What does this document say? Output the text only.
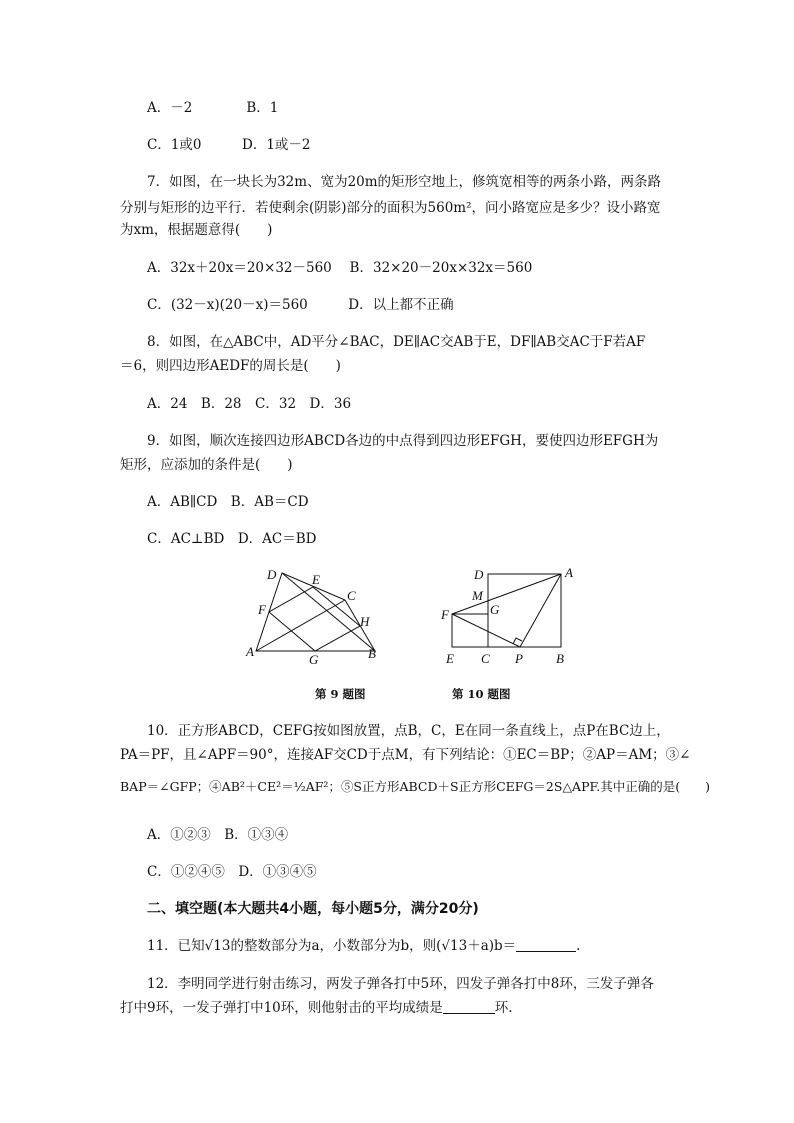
A．－2　　　　B．1
C．1或0　　　D．1或－2
7．如图，在一块长为32m、宽为20m的矩形空地上，修筑宽相等的两条小路，两条路
分别与矩形的边平行．若使剩余(阴影)部分的面积为560m²，问小路宽应是多少？设小路宽
为xm，根据题意得(　　)
A．32x＋20x＝20×32－560　 B．32×20－20x×32x＝560
C．(32－x)(20－x)＝560　　　D．以上都不正确
8．如图，在△ABC中，AD平分∠BAC，DE∥AC交AB于E，DF∥AB交AC于F若AF
＝6，则四边形AEDF的周长是(　　)
A．24　B．28　C．32　D．36
9．如图，顺次连接四边形ABCD各边的中点得到四边形EFGH，要使四边形EFGH为
矩形，应添加的条件是(　　)
A．AB∥CD　B．AB＝CD
C．AC⊥BD　D．AC＝BD
D	E
C
F
H
A
G	B
D	A
M
G
F
E C P	B
第 9 题图	第 10 题图
10．正方形ABCD，CEFG按如图放置，点B，C，E在同一条直线上，点P在BC边上，
PA＝PF，且∠APF＝90°，连接AF交CD于点M，有下列结论：①EC＝BP；②AP＝AM；③∠
BAP＝∠GFP；④AB²＋CE²＝½AF²；⑤S正方形ABCD＋S正方形CEFG＝2S△APF.其中正确的是(　　)
A．①②③　B．①③④
C．①②④⑤　D．①③④⑤
二、填空题(本大题共4小题，每小题5分，满分20分)
11．已知√13的整数部分为a，小数部分为b，则(√13＋a)b＝	.
12．李明同学进行射击练习，两发子弹各打中5环，四发子弹各打中8环，三发子弹各
打中9环，一发子弹打中10环，则他射击的平均成绩是	环.
